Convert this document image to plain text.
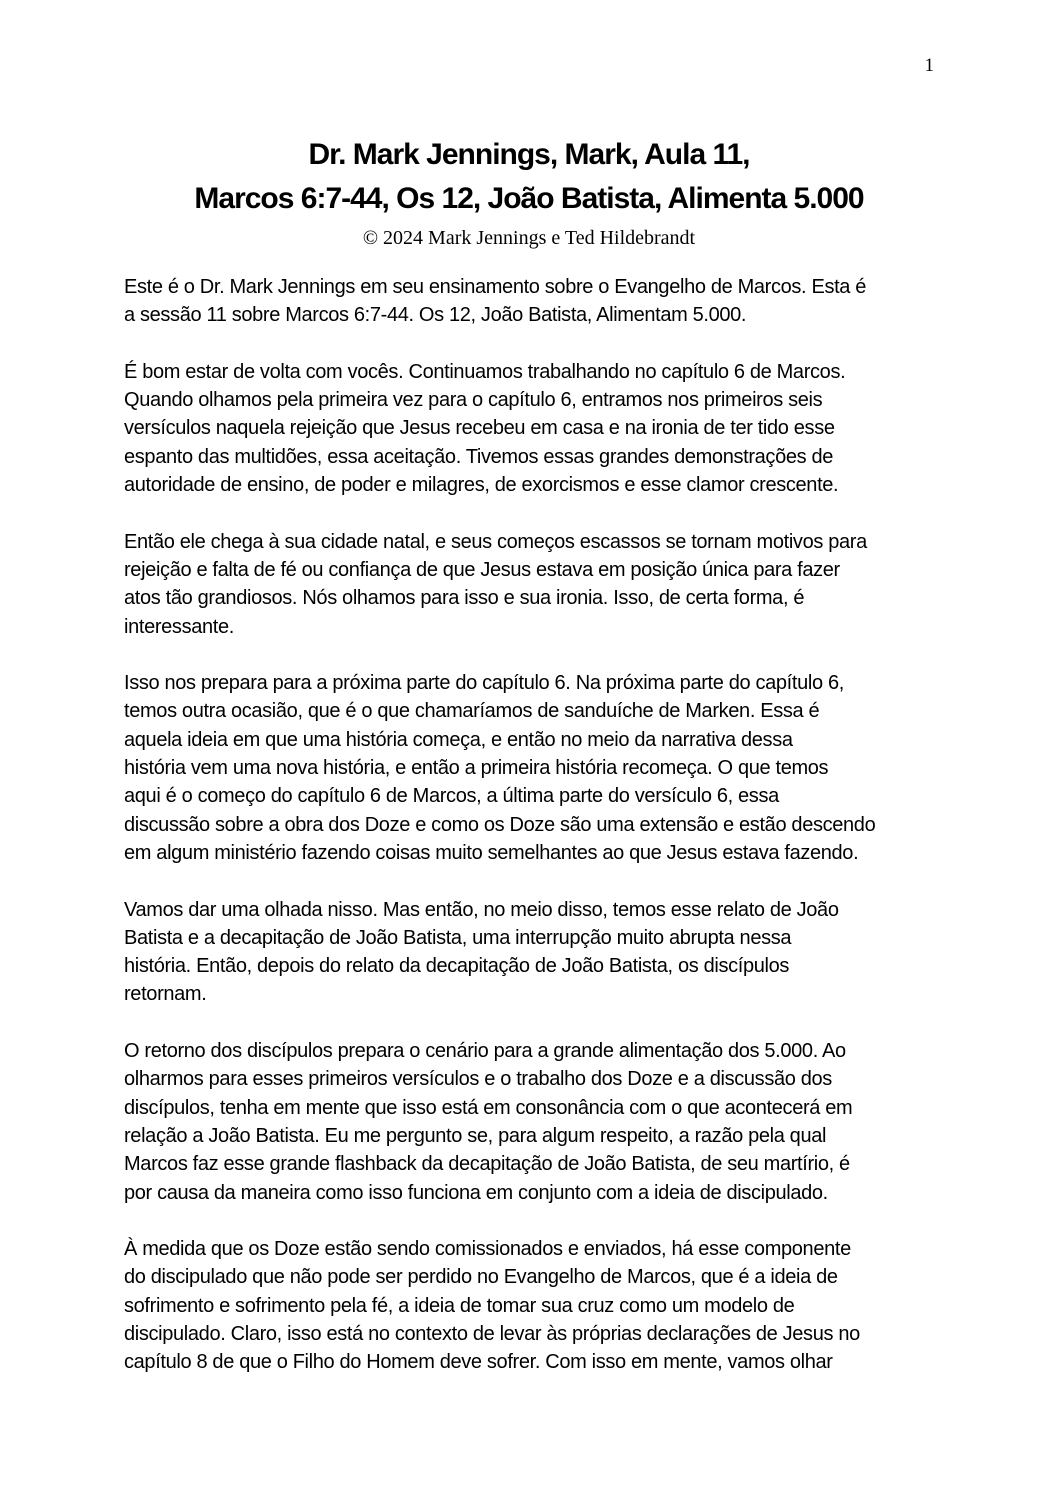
1
Dr. Mark Jennings, Mark, Aula 11,
Marcos 6:7-44, Os 12, João Batista, Alimenta 5.000
© 2024 Mark Jennings e Ted Hildebrandt

Este é o Dr. Mark Jennings em seu ensinamento sobre o Evangelho de Marcos. Esta é
a sessão 11 sobre Marcos 6:7-44. Os 12, João Batista, Alimentam 5.000.

É bom estar de volta com vocês. Continuamos trabalhando no capítulo 6 de Marcos.
Quando olhamos pela primeira vez para o capítulo 6, entramos nos primeiros seis
versículos naquela rejeição que Jesus recebeu em casa e na ironia de ter tido esse
espanto das multidões, essa aceitação. Tivemos essas grandes demonstrações de
autoridade de ensino, de poder e milagres, de exorcismos e esse clamor crescente.

Então ele chega à sua cidade natal, e seus começos escassos se tornam motivos para
rejeição e falta de fé ou confiança de que Jesus estava em posição única para fazer
atos tão grandiosos. Nós olhamos para isso e sua ironia. Isso, de certa forma, é
interessante.

Isso nos prepara para a próxima parte do capítulo 6. Na próxima parte do capítulo 6,
temos outra ocasião, que é o que chamaríamos de sanduíche de Marken. Essa é
aquela ideia em que uma história começa, e então no meio da narrativa dessa
história vem uma nova história, e então a primeira história recomeça. O que temos
aqui é o começo do capítulo 6 de Marcos, a última parte do versículo 6, essa
discussão sobre a obra dos Doze e como os Doze são uma extensão e estão descendo
em algum ministério fazendo coisas muito semelhantes ao que Jesus estava fazendo.

Vamos dar uma olhada nisso. Mas então, no meio disso, temos esse relato de João
Batista e a decapitação de João Batista, uma interrupção muito abrupta nessa
história. Então, depois do relato da decapitação de João Batista, os discípulos
retornam.

O retorno dos discípulos prepara o cenário para a grande alimentação dos 5.000. Ao
olharmos para esses primeiros versículos e o trabalho dos Doze e a discussão dos
discípulos, tenha em mente que isso está em consonância com o que acontecerá em
relação a João Batista. Eu me pergunto se, para algum respeito, a razão pela qual
Marcos faz esse grande flashback da decapitação de João Batista, de seu martírio, é
por causa da maneira como isso funciona em conjunto com a ideia de discipulado.

À medida que os Doze estão sendo comissionados e enviados, há esse componente
do discipulado que não pode ser perdido no Evangelho de Marcos, que é a ideia de
sofrimento e sofrimento pela fé, a ideia de tomar sua cruz como um modelo de
discipulado. Claro, isso está no contexto de levar às próprias declarações de Jesus no
capítulo 8 de que o Filho do Homem deve sofrer. Com isso em mente, vamos olhar
